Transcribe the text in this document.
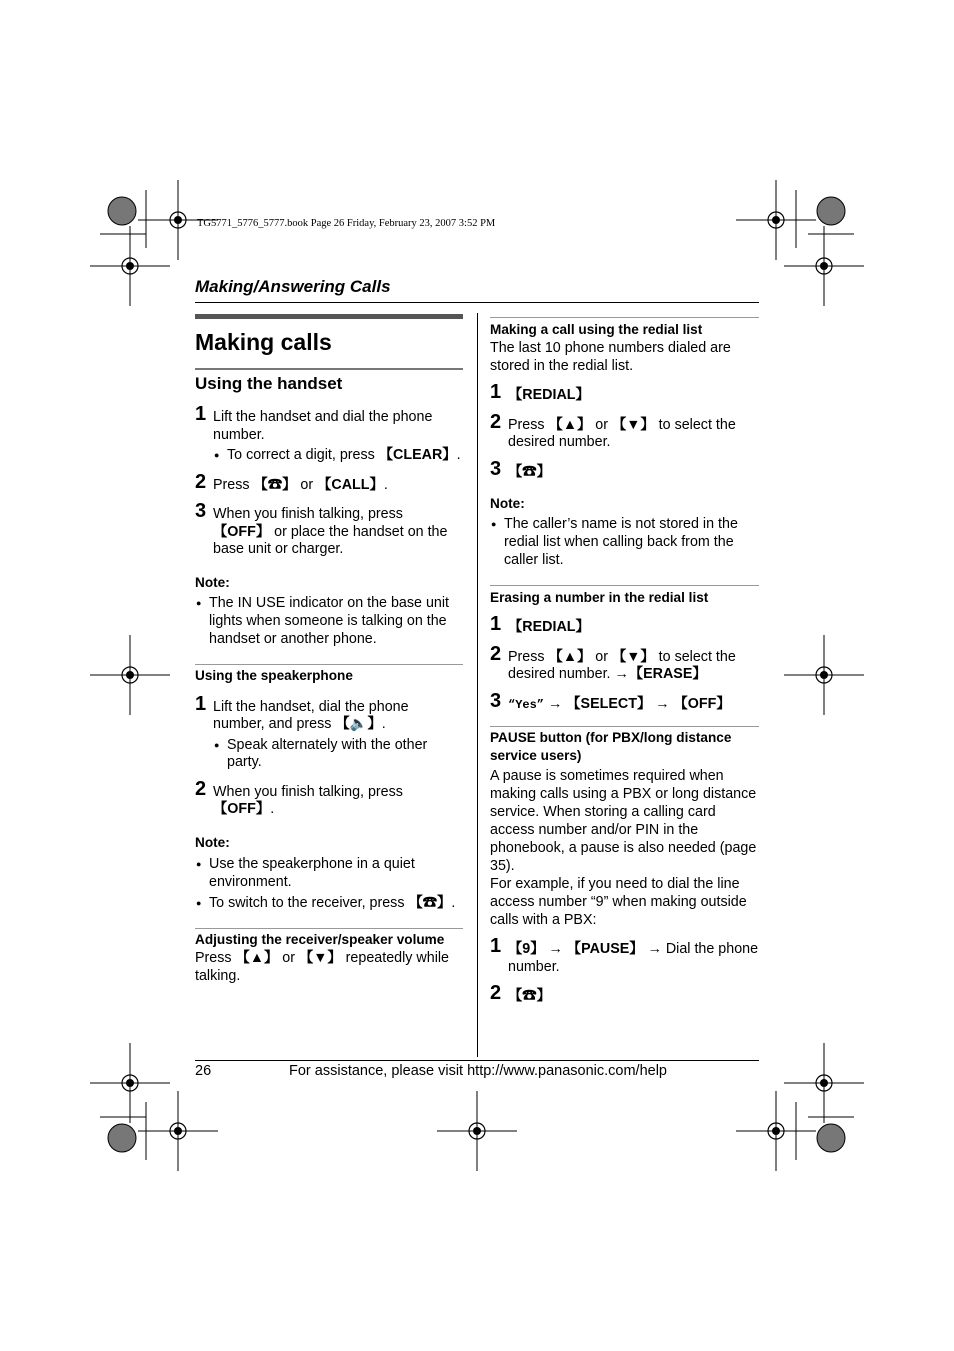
TG5771_5776_5777.book Page 26 Friday, February 23, 2007 3:52 PM
Making/Answering Calls
Making calls
Using the handset
1 Lift the handset and dial the phone number.
● To correct a digit, press 【CLEAR】.
2 Press 【☎】 or 【CALL】.
3 When you finish talking, press 【OFF】 or place the handset on the base unit or charger.
Note:
● The IN USE indicator on the base unit lights when someone is talking on the handset or another phone.
Using the speakerphone
1 Lift the handset, dial the phone number, and press 【🔈】.
● Speak alternately with the other party.
2 When you finish talking, press 【OFF】.
Note:
● Use the speakerphone in a quiet environment.
● To switch to the receiver, press 【☎】.
Adjusting the receiver/speaker volume
Press 【▲】 or 【▼】 repeatedly while talking.
Making a call using the redial list
The last 10 phone numbers dialed are stored in the redial list.
1 【REDIAL】
2 Press 【▲】 or 【▼】 to select the desired number.
3 【☎】
Note:
● The caller’s name is not stored in the redial list when calling back from the caller list.
Erasing a number in the redial list
1 【REDIAL】
2 Press 【▲】 or 【▼】 to select the desired number. →【ERASE】
3 “Yes” → 【SELECT】 → 【OFF】
PAUSE button (for PBX/long distance service users)
A pause is sometimes required when making calls using a PBX or long distance service. When storing a calling card access number and/or PIN in the phonebook, a pause is also needed (page 35).
For example, if you need to dial the line access number “9” when making outside calls with a PBX:
1 【9】 → 【PAUSE】 → Dial the phone number.
2 【☎】
26	For assistance, please visit http://www.panasonic.com/help
